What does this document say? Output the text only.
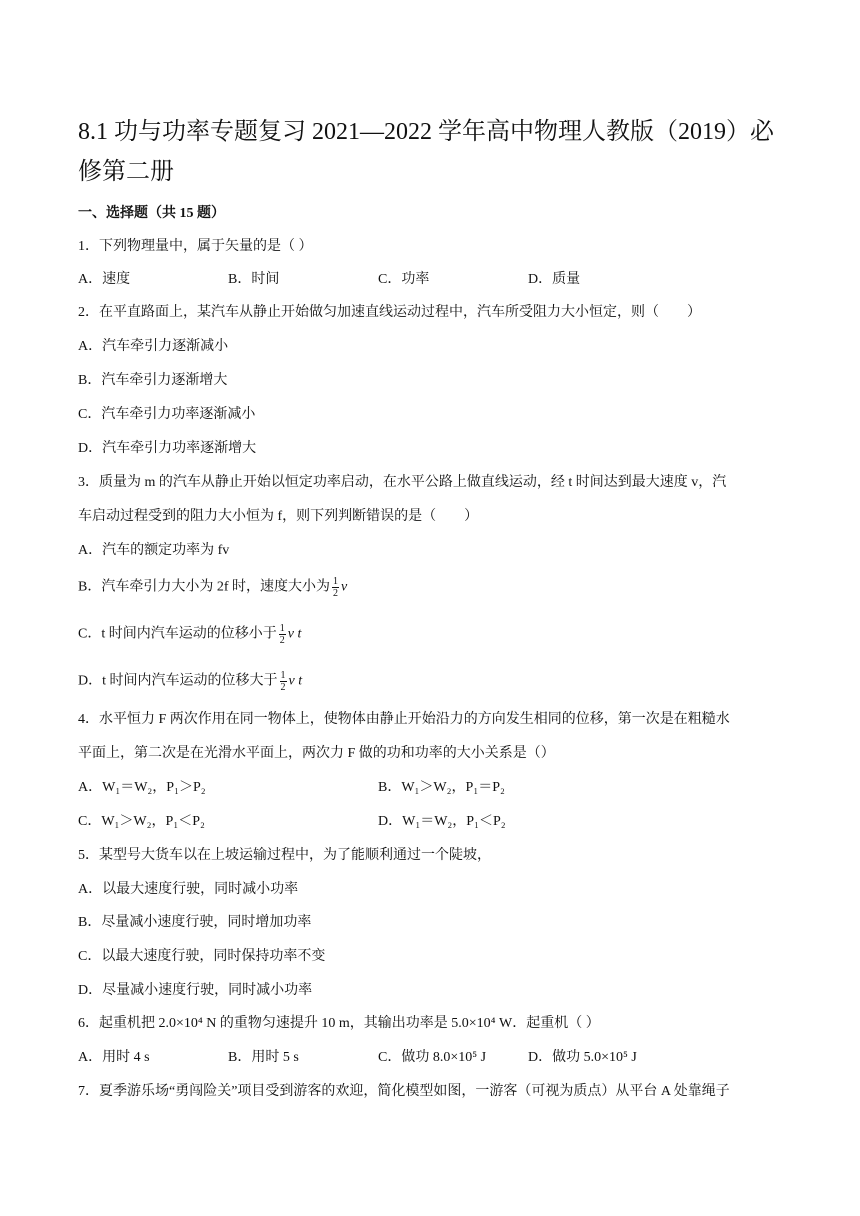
8.1 功与功率专题复习 2021—2022 学年高中物理人教版（2019）必修第二册
一、选择题（共 15 题）
1．下列物理量中，属于矢量的是（ ）
A．速度	B．时间	C．功率	D．质量
2．在平直路面上，某汽车从静止开始做匀加速直线运动过程中，汽车所受阻力大小恒定，则（　　）
A．汽车牵引力逐渐减小
B．汽车牵引力逐渐增大
C．汽车牵引力功率逐渐减小
D．汽车牵引力功率逐渐增大
3．质量为 m 的汽车从静止开始以恒定功率启动，在水平公路上做直线运动，经 t 时间达到最大速度 v，汽
车启动过程受到的阻力大小恒为 f，则下列判断错误的是（　　）
A．汽车的额定功率为 fv
B．汽车牵引力大小为 2f 时，速度大小为 $\frac{1}{2}$ v
C．t 时间内汽车运动的位移小于 $\frac{1}{2}$ v t
D．t 时间内汽车运动的位移大于 $\frac{1}{2}$ v t
4．水平恒力 F 两次作用在同一物体上，使物体由静止开始沿力的方向发生相同的位移，第一次是在粗糙水
平面上，第二次是在光滑水平面上，两次力 F 做的功和功率的大小关系是（）
A．W₁＝W₂，P₁＞P₂	B．W₁＞W₂，P₁＝P₂
C．W₁＞W₂，P₁＜P₂	D．W₁＝W₂，P₁＜P₂
5．某型号大货车以在上坡运输过程中，为了能顺利通过一个陡坡，
A．以最大速度行驶，同时减小功率
B．尽量减小速度行驶，同时增加功率
C．以最大速度行驶，同时保持功率不变
D．尽量减小速度行驶，同时减小功率
6．起重机把 2.0×10⁴ N 的重物匀速提升 10 m，其输出功率是 5.0×10⁴ W．起重机（ ）
A．用时 4 s	B．用时 5 s	C．做功 8.0×10⁵ J	D．做功 5.0×10⁵ J
7．夏季游乐场“勇闯险关”项目受到游客的欢迎，简化模型如图，一游客（可视为质点）从平台 A 处靠绳子
